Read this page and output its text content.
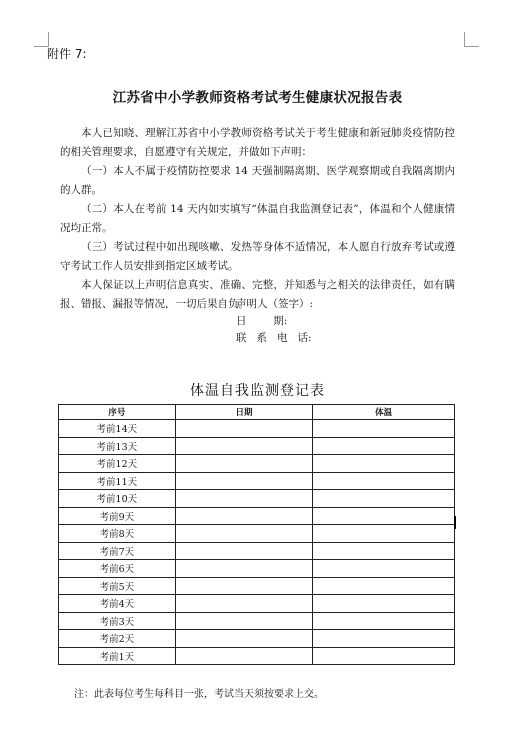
附件 7:
江苏省中小学教师资格考试考生健康状况报告表

本人已知晓、理解江苏省中小学教师资格考试关于考生健康和新冠肺炎疫情防控的相关管理要求，自愿遵守有关规定，并做如下声明：

（一）本人不属于疫情防控要求 14 天强制隔离期、医学观察期或自我隔离期内的人群。

（二）本人在考前 14 天内如实填写“体温自我监测登记表”，体温和个人健康情况均正常。

（三）考试过程中如出现咳嗽、发热等身体不适情况，本人愿自行放弃考试或遵守考试工作人员安排到指定区域考试。

本人保证以上声明信息真实、准确、完整，并知悉与之相关的法律责任，如有瞒报、错报、漏报等情况，一切后果自负。

声明人（签字）:
日        期:
联   系   电   话:
体温自我监测登记表
序号	日期	体温
考前14天		
考前13天		
考前12天		
考前11天		
考前10天		
考前9天		
考前8天		
考前7天		
考前6天		
考前5天		
考前4天		
考前3天		
考前2天		
考前1天		
注：此表每位考生每科目一张，考试当天须按要求上交。
